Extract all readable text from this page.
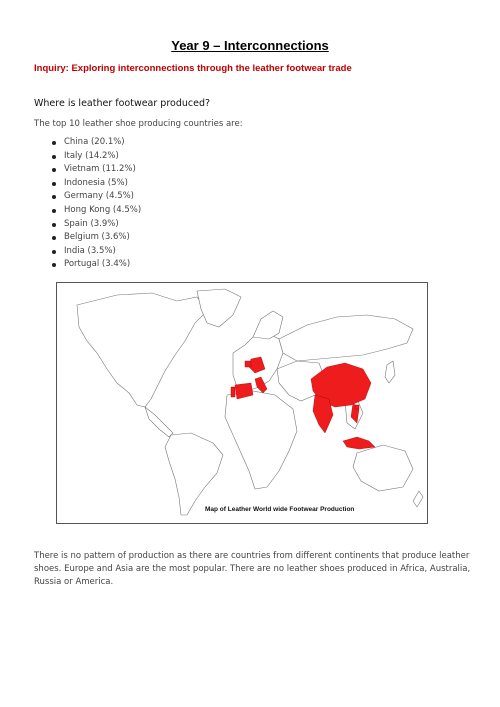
Year 9 – Interconnections
Inquiry: Exploring interconnections through the leather footwear trade
Where is leather footwear produced?
The top 10 leather shoe producing countries are:
China (20.1%)
Italy (14.2%)
Vietnam (11.2%)
Indonesia (5%)
Germany (4.5%)
Hong Kong (4.5%)
Spain (3.9%)
Belgium (3.6%)
India (3.5%)
Portugal (3.4%)
Map of Leather World wide Footwear Production
There is no pattern of production as there are countries from different continents that produce leather shoes. Europe and Asia are the most popular. There are no leather shoes produced in Africa, Australia, Russia or America.
